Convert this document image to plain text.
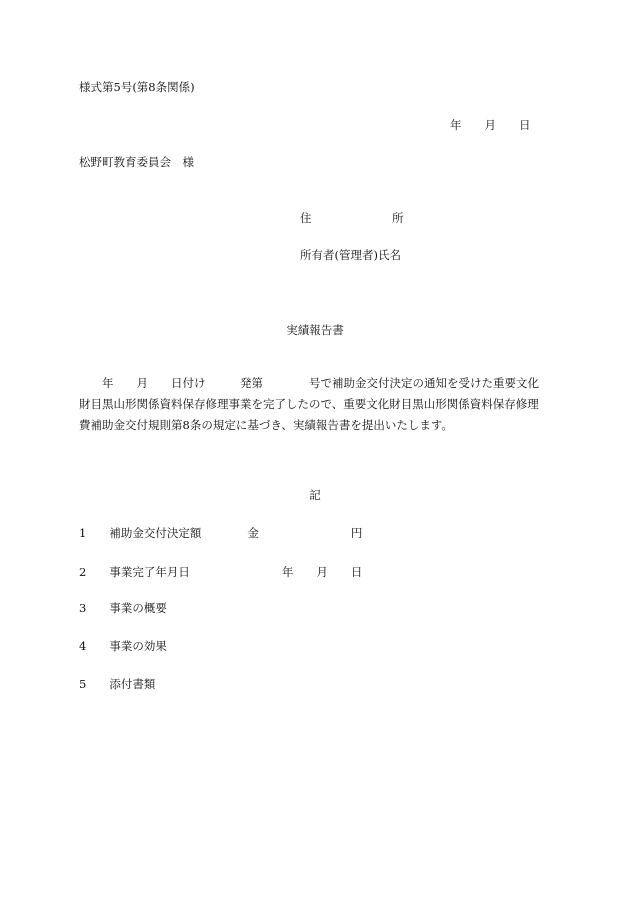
様式第5号(第8条関係)
年　　月　　日
松野町教育委員会　様
住　　　　　　　所
所有者(管理者)氏名
実績報告書
　　年　　月　　日付け　　　発第　　　　号で補助金交付決定の通知を受けた重要文化
財目黒山形関係資料保存修理事業を完了したので、重要文化財目黒山形関係資料保存修理
費補助金交付規則第8条の規定に基づき、実績報告書を提出いたします。
記
1　　 補助金交付決定額　　　　金　　　　　　　　円
2　　 事業完了年月日　　　　　　　　年　　月　　日
3　　 事業の概要
4　　 事業の効果
5　　 添付書類
